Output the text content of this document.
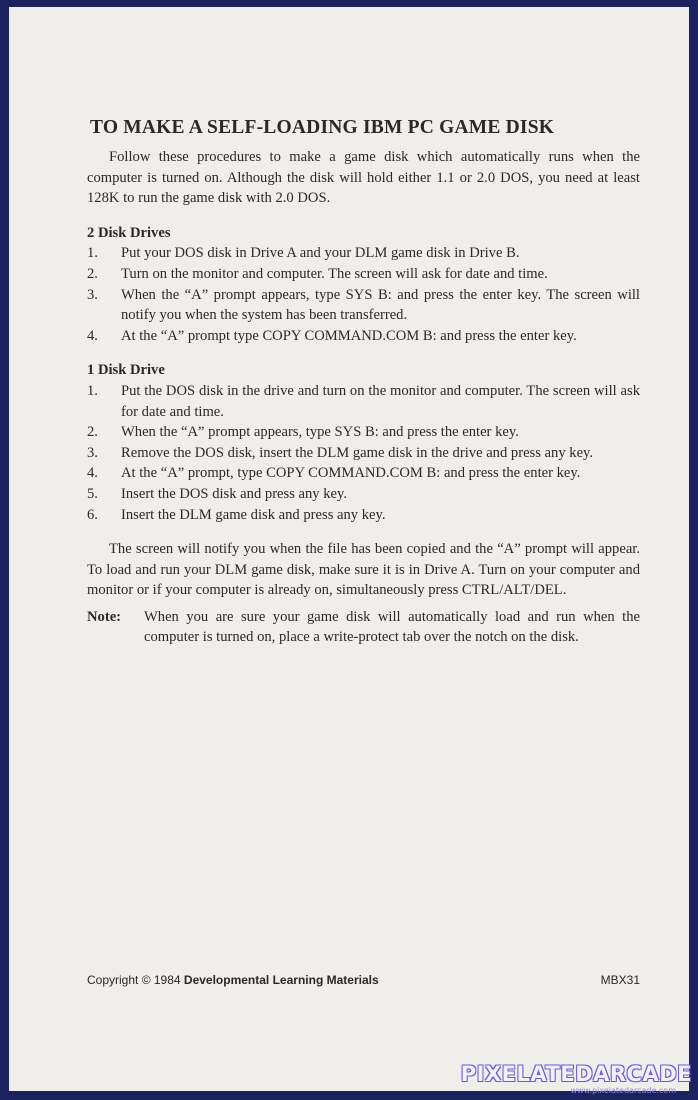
TO MAKE A SELF-LOADING IBM PC GAME DISK

Follow these procedures to make a game disk which automatically runs when the computer is turned on. Although the disk will hold either 1.1 or 2.0 DOS, you need at least 128K to run the game disk with 2.0 DOS.

2 Disk Drives
1. Put your DOS disk in Drive A and your DLM game disk in Drive B.
2. Turn on the monitor and computer. The screen will ask for date and time.
3. When the “A” prompt appears, type SYS B: and press the enter key. The screen will notify you when the system has been transferred.
4. At the “A” prompt type COPY COMMAND.COM B: and press the enter key.
1 Disk Drive
1. Put the DOS disk in the drive and turn on the monitor and computer. The screen will ask for date and time.
2. When the “A” prompt appears, type SYS B: and press the enter key.
3. Remove the DOS disk, insert the DLM game disk in the drive and press any key.
4. At the “A” prompt, type COPY COMMAND.COM B: and press the enter key.
5. Insert the DOS disk and press any key.
6. Insert the DLM game disk and press any key.

The screen will notify you when the file has been copied and the “A” prompt will appear. To load and run your DLM game disk, make sure it is in Drive A. Turn on your computer and monitor or if your computer is already on, simultaneously press CTRL/ALT/DEL.

Note: When you are sure your game disk will automatically load and run when the computer is turned on, place a write-protect tab over the notch on the disk.
Copyright © 1984 Developmental Learning Materials	MBX31
PIXELATEDARCADE
www.pixelatedarcade.com
